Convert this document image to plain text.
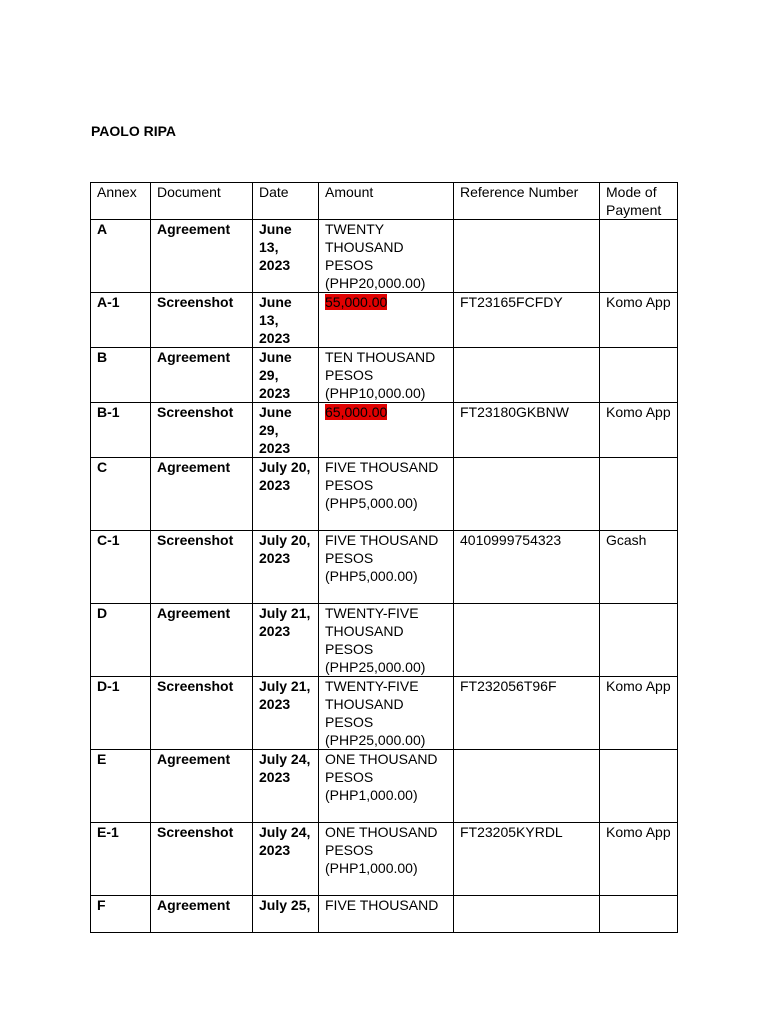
PAOLO RIPA

Annex	Document	Date	Amount	Reference Number	Mode of Payment
A	Agreement	June 13, 2023	TWENTY THOUSAND PESOS (PHP20,000.00)		
A-1	Screenshot	June 13, 2023	55,000.00	FT23165FCFDY	Komo App
B	Agreement	June 29, 2023	TEN THOUSAND PESOS (PHP10,000.00)		
B-1	Screenshot	June 29, 2023	65,000.00	FT23180GKBNW	Komo App
C	Agreement	July 20, 2023	FIVE THOUSAND PESOS (PHP5,000.00)		
C-1	Screenshot	July 20, 2023	FIVE THOUSAND PESOS (PHP5,000.00)	4010999754323	Gcash
D	Agreement	July 21, 2023	TWENTY-FIVE THOUSAND PESOS (PHP25,000.00)		
D-1	Screenshot	July 21, 2023	TWENTY-FIVE THOUSAND PESOS (PHP25,000.00)	FT232056T96F	Komo App
E	Agreement	July 24, 2023	ONE THOUSAND PESOS (PHP1,000.00)		
E-1	Screenshot	July 24, 2023	ONE THOUSAND PESOS (PHP1,000.00)	FT23205KYRDL	Komo App
F	Agreement	July 25,	FIVE THOUSAND		
